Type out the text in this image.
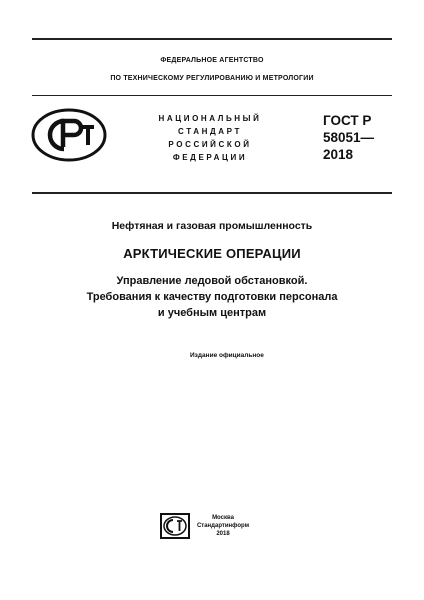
ФЕДЕРАЛЬНОЕ АГЕНТСТВО
ПО ТЕХНИЧЕСКОМУ РЕГУЛИРОВАНИЮ И МЕТРОЛОГИИ
НАЦИОНАЛЬНЫЙ
СТАНДАРТ
РОССИЙСКОЙ
ФЕДЕРАЦИИ
ГОСТ Р
58051—
2018
Нефтяная и газовая промышленность
АРКТИЧЕСКИЕ ОПЕРАЦИИ
Управление ледовой обстановкой.
Требования к качеству подготовки персонала
и учебным центрам
Издание официальное
Москва
Стандартинформ
2018
